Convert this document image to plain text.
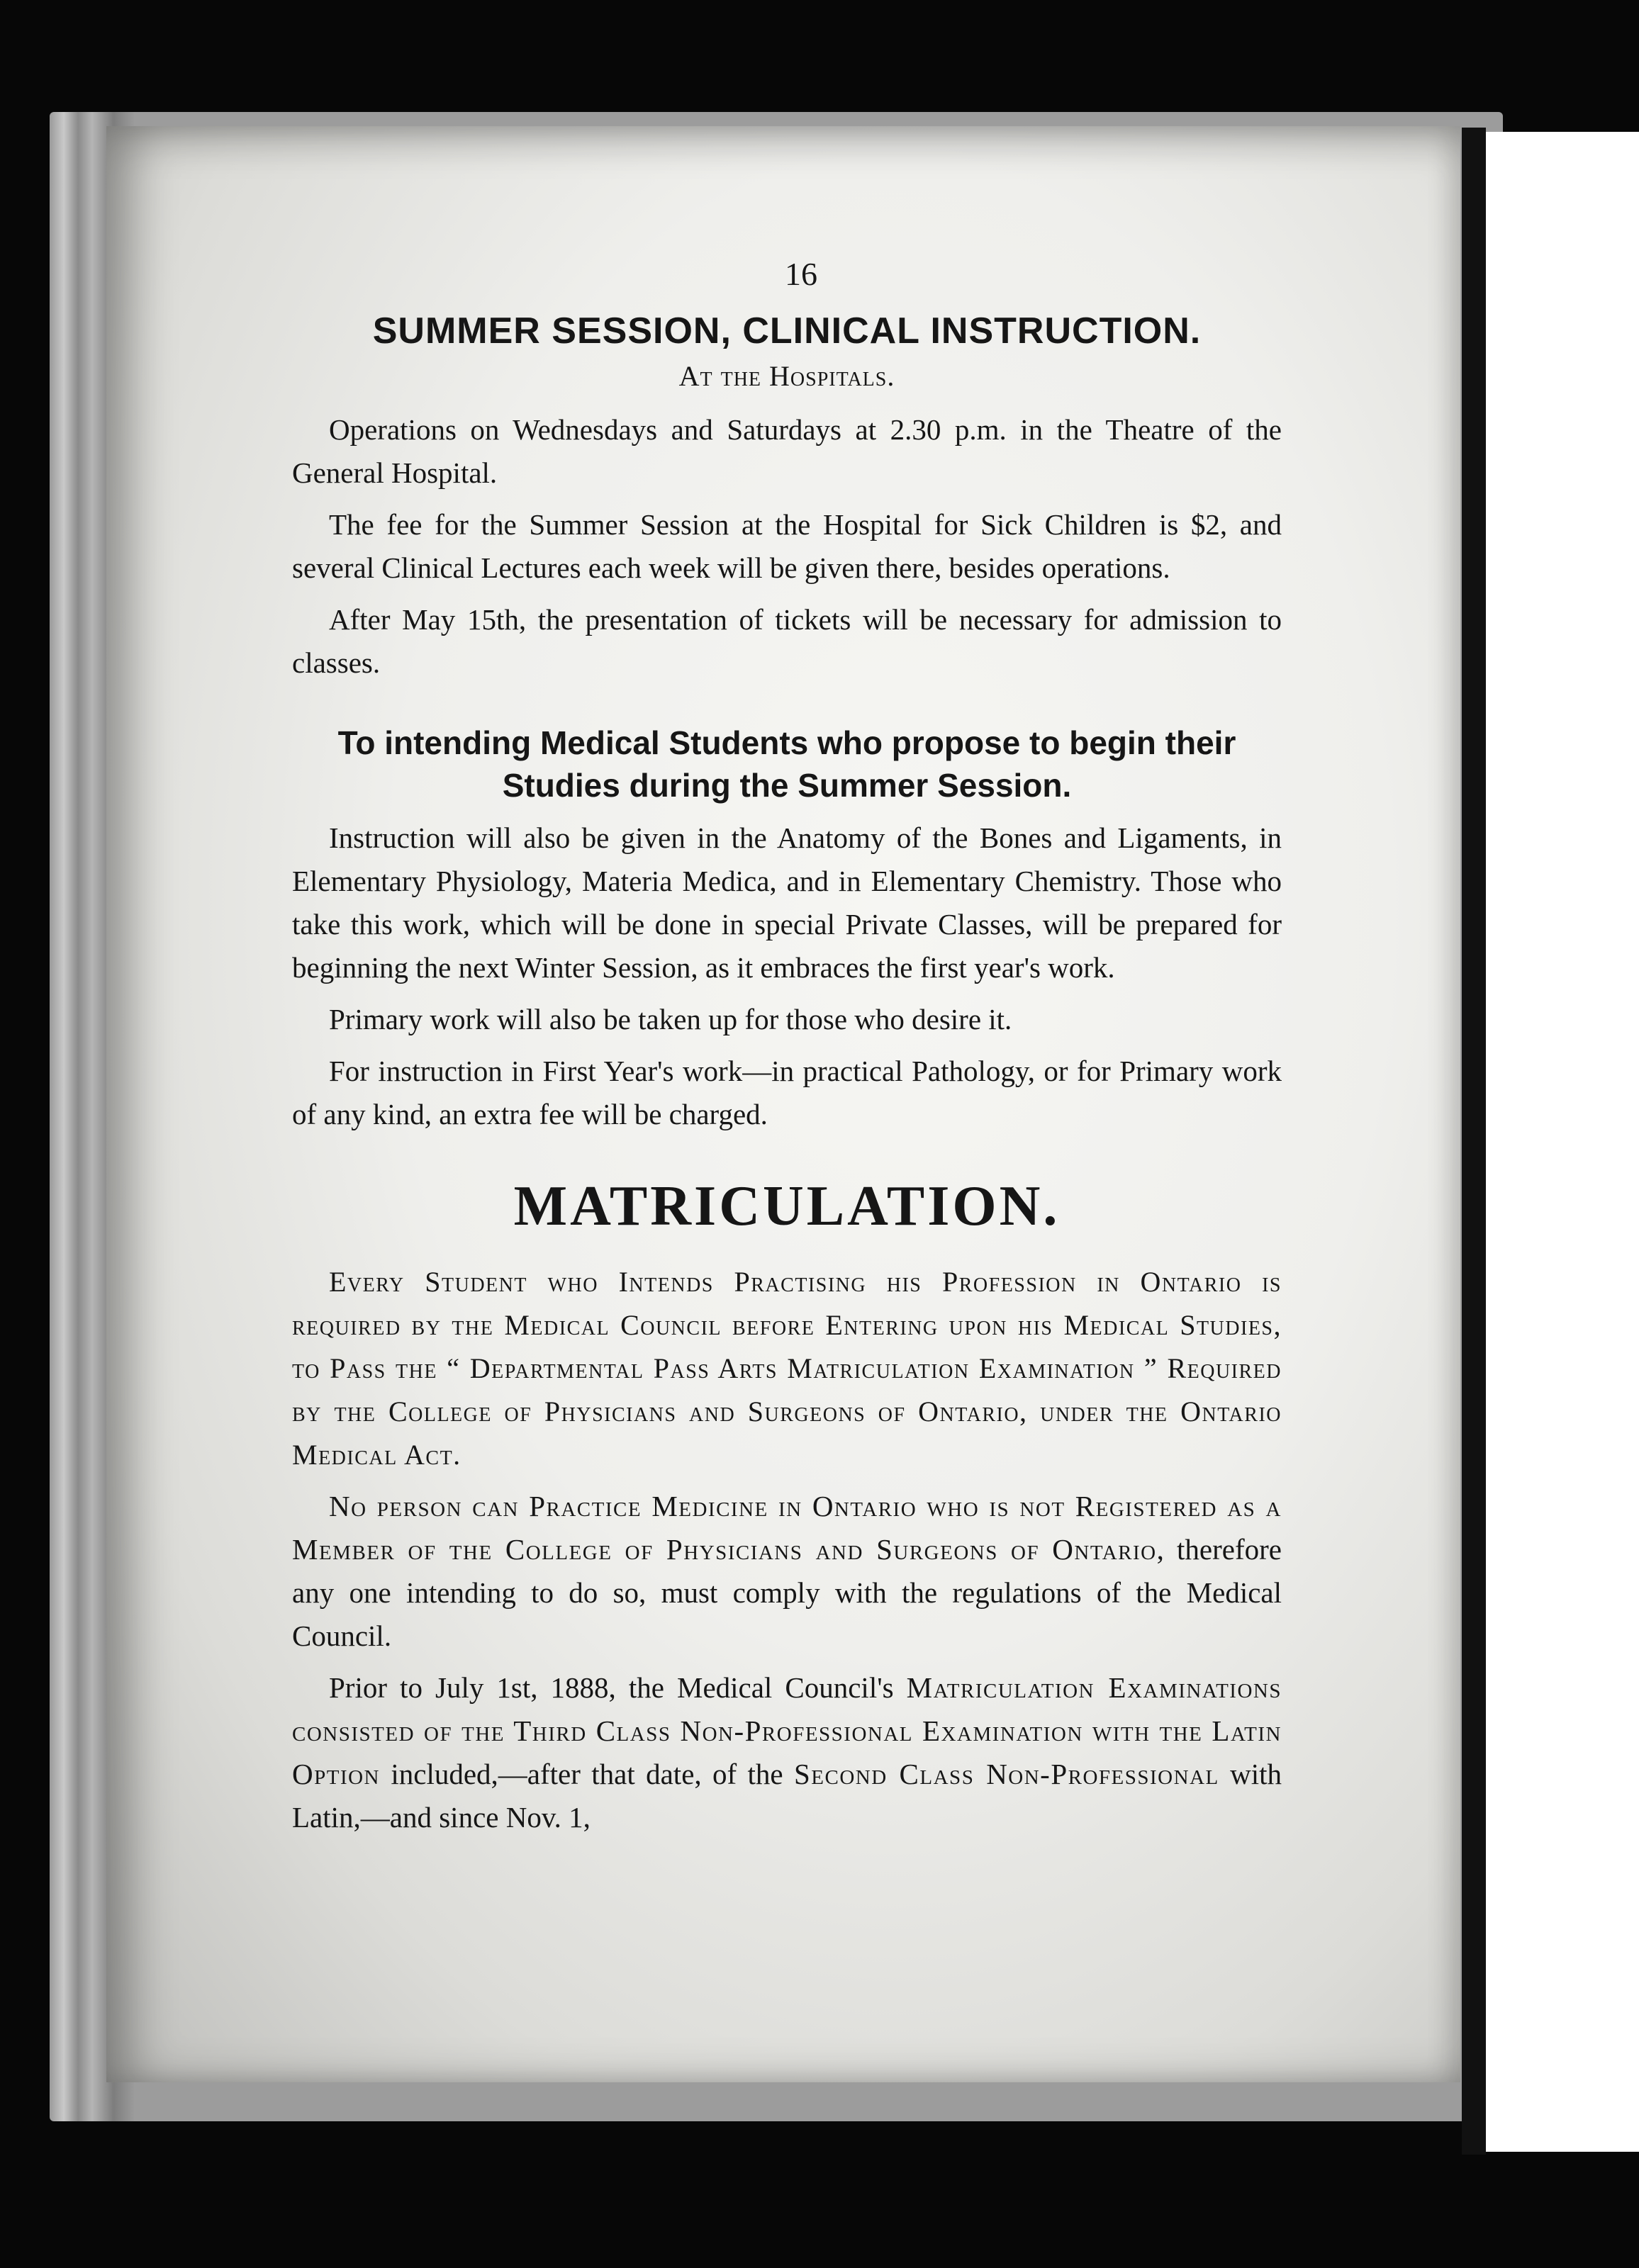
16
SUMMER SESSION, CLINICAL INSTRUCTION.
At the Hospitals.

Operations on Wednesdays and Saturdays at 2.30 p.m. in the Theatre of the General Hospital.

The fee for the Summer Session at the Hospital for Sick Children is $2, and several Clinical Lectures each week will be given there, besides operations.

After May 15th, the presentation of tickets will be necessary for admission to classes.

To intending Medical Students who propose to begin their
Studies during the Summer Session.

Instruction will also be given in the Anatomy of the Bones and Ligaments, in Elementary Physiology, Materia Medica, and in Elementary Chemistry. Those who take this work, which will be done in special Private Classes, will be prepared for beginning the next Winter Session, as it embraces the first year's work.

Primary work will also be taken up for those who desire it.

For instruction in First Year's work—in practical Pathology, or for Primary work of any kind, an extra fee will be charged.

MATRICULATION.

Every Student who Intends Practising his Profession in Ontario is required by the Medical Council before Entering upon his Medical Studies, to Pass the “ Departmental Pass Arts Matriculation Examination ” Required by the College of Physicians and Surgeons of Ontario, under the Ontario Medical Act.

No person can Practice Medicine in Ontario who is not Registered as a Member of the College of Physicians and Surgeons of Ontario, therefore any one intending to do so, must comply with the regulations of the Medical Council.

Prior to July 1st, 1888, the Medical Council's Matriculation Examinations consisted of the Third Class Non-Professional Examination with the Latin Option included,—after that date, of the Second Class Non-Professional with Latin,—and since Nov. 1,
